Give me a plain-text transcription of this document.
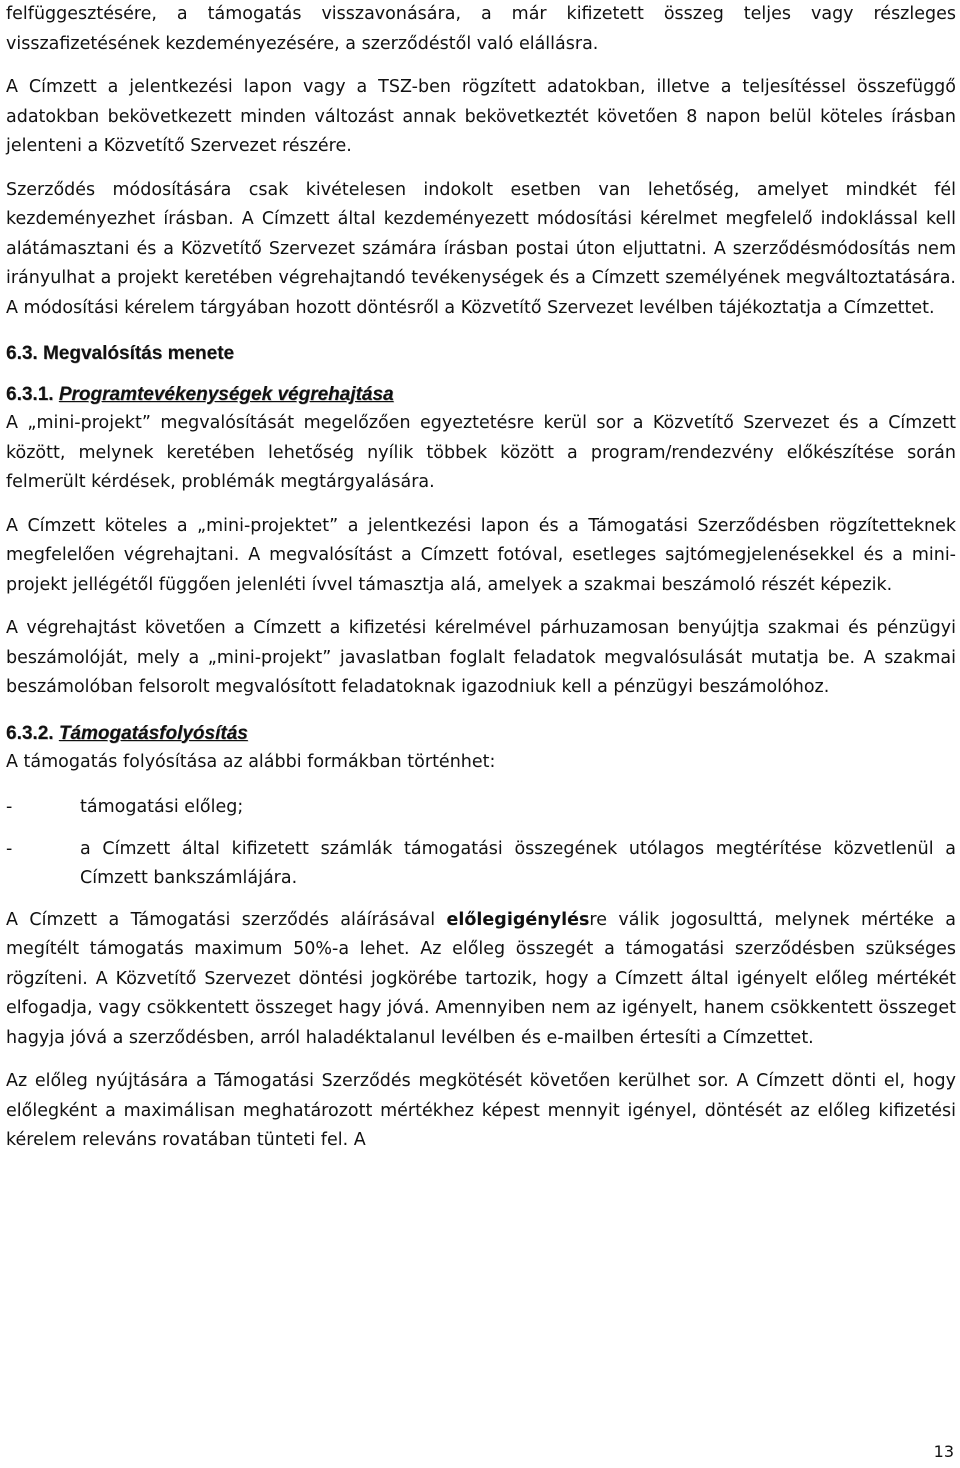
felfüggesztésére, a támogatás visszavonására, a már kifizetett összeg teljes vagy részleges visszafizetésének kezdeményezésére, a szerződéstől való elállásra.

A Címzett a jelentkezési lapon vagy a TSZ-ben rögzített adatokban, illetve a teljesítéssel összefüggő adatokban bekövetkezett minden változást annak bekövetkeztét követően 8 napon belül köteles írásban jelenteni a Közvetítő Szervezet részére.

Szerződés módosítására csak kivételesen indokolt esetben van lehetőség, amelyet mindkét fél kezdeményezhet írásban. A Címzett által kezdeményezett módosítási kérelmet megfelelő indoklással kell alátámasztani és a Közvetítő Szervezet számára írásban postai úton eljuttatni. A szerződésmódosítás nem irányulhat a projekt keretében végrehajtandó tevékenységek és a Címzett személyének megváltoztatására. A módosítási kérelem tárgyában hozott döntésről a Közvetítő Szervezet levélben tájékoztatja a Címzettet.

6.3. Megvalósítás menete
6.3.1. Programtevékenységek végrehajtása

A „mini-projekt” megvalósítását megelőzően egyeztetésre kerül sor a Közvetítő Szervezet és a Címzett között, melynek keretében lehetőség nyílik többek között a program/rendezvény előkészítése során felmerült kérdések, problémák megtárgyalására.

A Címzett köteles a „mini-projektet” a jelentkezési lapon és a Támogatási Szerződésben rögzítetteknek megfelelően végrehajtani. A megvalósítást a Címzett fotóval, esetleges sajtómegjelenésekkel és a mini-projekt jellégétől függően jelenléti ívvel támasztja alá, amelyek a szakmai beszámoló részét képezik.

A végrehajtást követően a Címzett a kifizetési kérelmével párhuzamosan benyújtja szakmai és pénzügyi beszámolóját, mely a „mini-projekt” javaslatban foglalt feladatok megvalósulását mutatja be. A szakmai beszámolóban felsorolt megvalósított feladatoknak igazodniuk kell a pénzügyi beszámolóhoz.

6.3.2. Támogatásfolyósítás

A támogatás folyósítása az alábbi formákban történhet:

-	támogatási előleg;
-	a Címzett által kifizetett számlák támogatási összegének utólagos megtérítése közvetlenül a Címzett bankszámlájára.

A Címzett a Támogatási szerződés aláírásával előlegigénylésre válik jogosulttá, melynek mértéke a megítélt támogatás maximum 50%-a lehet. Az előleg összegét a támogatási szerződésben szükséges rögzíteni. A Közvetítő Szervezet döntési jogkörébe tartozik, hogy a Címzett által igényelt előleg mértékét elfogadja, vagy csökkentett összeget hagy jóvá. Amennyiben nem az igényelt, hanem csökkentett összeget hagyja jóvá a szerződésben, arról haladéktalanul levélben és e-mailben értesíti a Címzettet.

Az előleg nyújtására a Támogatási Szerződés megkötését követően kerülhet sor. A Címzett dönti el, hogy előlegként a maximálisan meghatározott mértékhez képest mennyit igényel, döntését az előleg kifizetési kérelem releváns rovatában tünteti fel. A

13
